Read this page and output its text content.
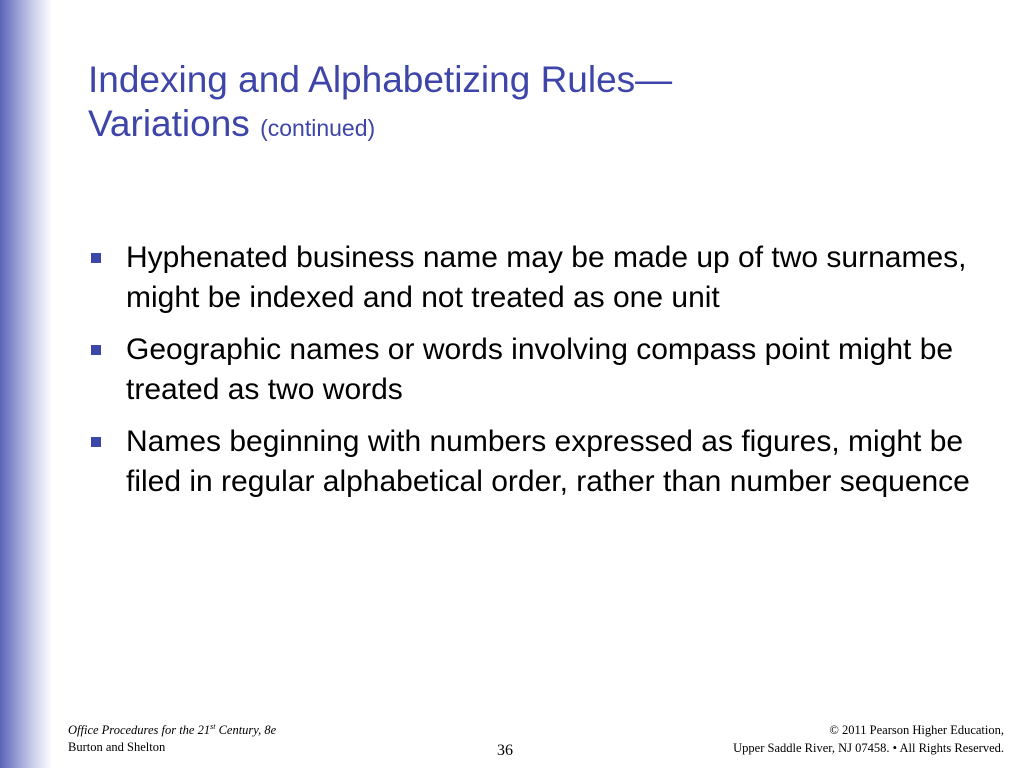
Indexing and Alphabetizing Rules—
Variations (continued)
Hyphenated business name may be made up of two surnames, might be indexed and not treated as one unit
Geographic names or words involving compass point might be treated as two words
Names beginning with numbers expressed as figures, might be filed in regular alphabetical order, rather than number sequence
Office Procedures for the 21st Century, 8e
Burton and Shelton	36
© 2011 Pearson Higher Education,
Upper Saddle River, NJ 07458. • All Rights Reserved.
